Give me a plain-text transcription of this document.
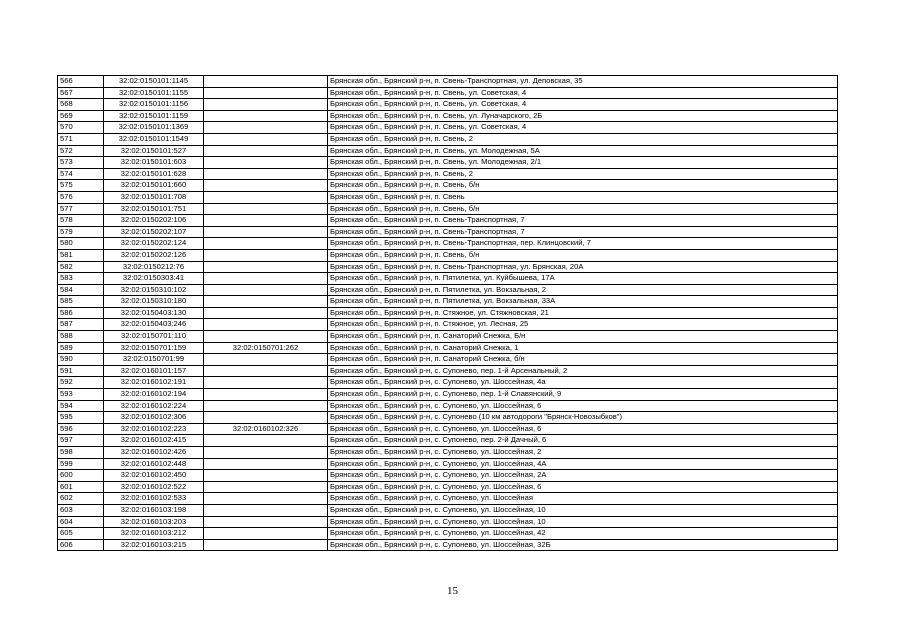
566	32:02:0150101:1145		Брянская обл., Брянский р-н, п. Свень-Транспортная, ул. Деповская, 35
567	32:02:0150101:1155		Брянская обл., Брянский р-н, п. Свень, ул. Советская, 4
568	32:02:0150101:1156		Брянская обл., Брянский р-н, п. Свень, ул. Советская, 4
569	32:02:0150101:1159		Брянская обл., Брянский р-н, п. Свень, ул. Луначарского, 2Б
570	32:02:0150101:1369		Брянская обл., Брянский р-н, п. Свень, ул. Советская, 4
571	32:02:0150101:1549		Брянская обл., Брянский р-н, п. Свень, 2
572	32:02:0150101:527		Брянская обл., Брянский р-н, п. Свень, ул. Молодежная, 5А
573	32:02:0150101:603		Брянская обл., Брянский р-н, п. Свень, ул. Молодежная, 2/1
574	32:02:0150101:628		Брянская обл., Брянский р-н, п. Свень, 2
575	32:02:0150101:660		Брянская обл., Брянский р-н, п. Свень, б/н
576	32:02:0150101:708		Брянская обл., Брянский р-н, п. Свень
577	32:02:0150101:751		Брянская обл., Брянский р-н, п. Свень, б/н
578	32:02:0150202:106		Брянская обл., Брянский р-н, п. Свень-Транспортная, 7
579	32:02:0150202:107		Брянская обл., Брянский р-н, п. Свень-Транспортная, 7
580	32:02:0150202:124		Брянская обл., Брянский р-н, п. Свень-Транспортная, пер. Клинцовский, 7
581	32:02:0150202:126		Брянская обл., Брянский р-н, п. Свень, б/н
582	32:02:0150212:76		Брянская обл., Брянский р-н, п. Свень-Транспортная, ул. Брянская, 20А
583	32:02:0150303:41		Брянская обл., Брянский р-н, п. Пятилетка, ул. Куйбышева, 17А
584	32:02:0150310:102		Брянская обл., Брянский р-н, п. Пятилетка, ул. Вокзальная, 2
585	32:02:0150310:180		Брянская обл., Брянский р-н, п. Пятилетка, ул. Вокзальная, 33А
586	32:02:0150403:130		Брянская обл., Брянский р-н, п. Стяжное, ул. Стяжновская, 21
587	32:02:0150403:246		Брянская обл., Брянский р-н, п. Стяжное, ул. Лесная, 25
588	32:02:0150701:110		Брянская обл., Брянский р-н, п. Санаторий Снежка, Б/н
589	32:02:0150701:159	32:02:0150701:262	Брянская обл., Брянский р-н, п. Санаторий Снежка, 1
590	32:02:0150701:99		Брянская обл., Брянский р-н, п. Санаторий Снежка, б/н
591	32:02:0160101:157		Брянская обл., Брянский р-н, с. Супонево, пер. 1-й Арсенальный, 2
592	32:02:0160102:191		Брянская обл., Брянский р-н, с. Супонево, ул. Шоссейная, 4а
593	32:02:0160102:194		Брянская обл., Брянский р-н, с. Супонево, пер. 1-й Славянский, 9
594	32:02:0160102:224		Брянская обл., Брянский р-н, с. Супонево, ул. Шоссейная, 6
595	32:02:0160102:306		Брянская обл., Брянский р-н, с. Супонево (10 км автодороги "Брянск-Новозыбков")
596	32:02:0160102:223	32:02:0160102:326	Брянская обл., Брянский р-н, с. Супонево, ул. Шоссейная, 6
597	32:02:0160102:415		Брянская обл., Брянский р-н, с. Супонево, пер. 2-й Дачный, 6
598	32:02:0160102:426		Брянская обл., Брянский р-н, с. Супонево, ул. Шоссейная, 2
599	32:02:0160102:448		Брянская обл., Брянский р-н, с. Супонево, ул. Шоссейная, 4А
600	32:02:0160102:450		Брянская обл., Брянский р-н, с. Супонево, ул. Шоссейная, 2А
601	32:02:0160102:522		Брянская обл., Брянский р-н, с. Супонево, ул. Шоссейная, 6
602	32:02:0160102:533		Брянская обл., Брянский р-н, с. Супонево, ул. Шоссейная
603	32:02:0160103:198		Брянская обл., Брянский р-н, с. Супонево, ул. Шоссейная, 10
604	32:02:0160103:203		Брянская обл., Брянский р-н, с. Супонево, ул. Шоссейная, 10
605	32:02:0160103:212		Брянская обл., Брянский р-н, с. Супонево, ул. Шоссейная, 42
606	32:02:0160103:215		Брянская обл., Брянский р-н, с. Супонево, ул. Шоссейная, 32Б
15
